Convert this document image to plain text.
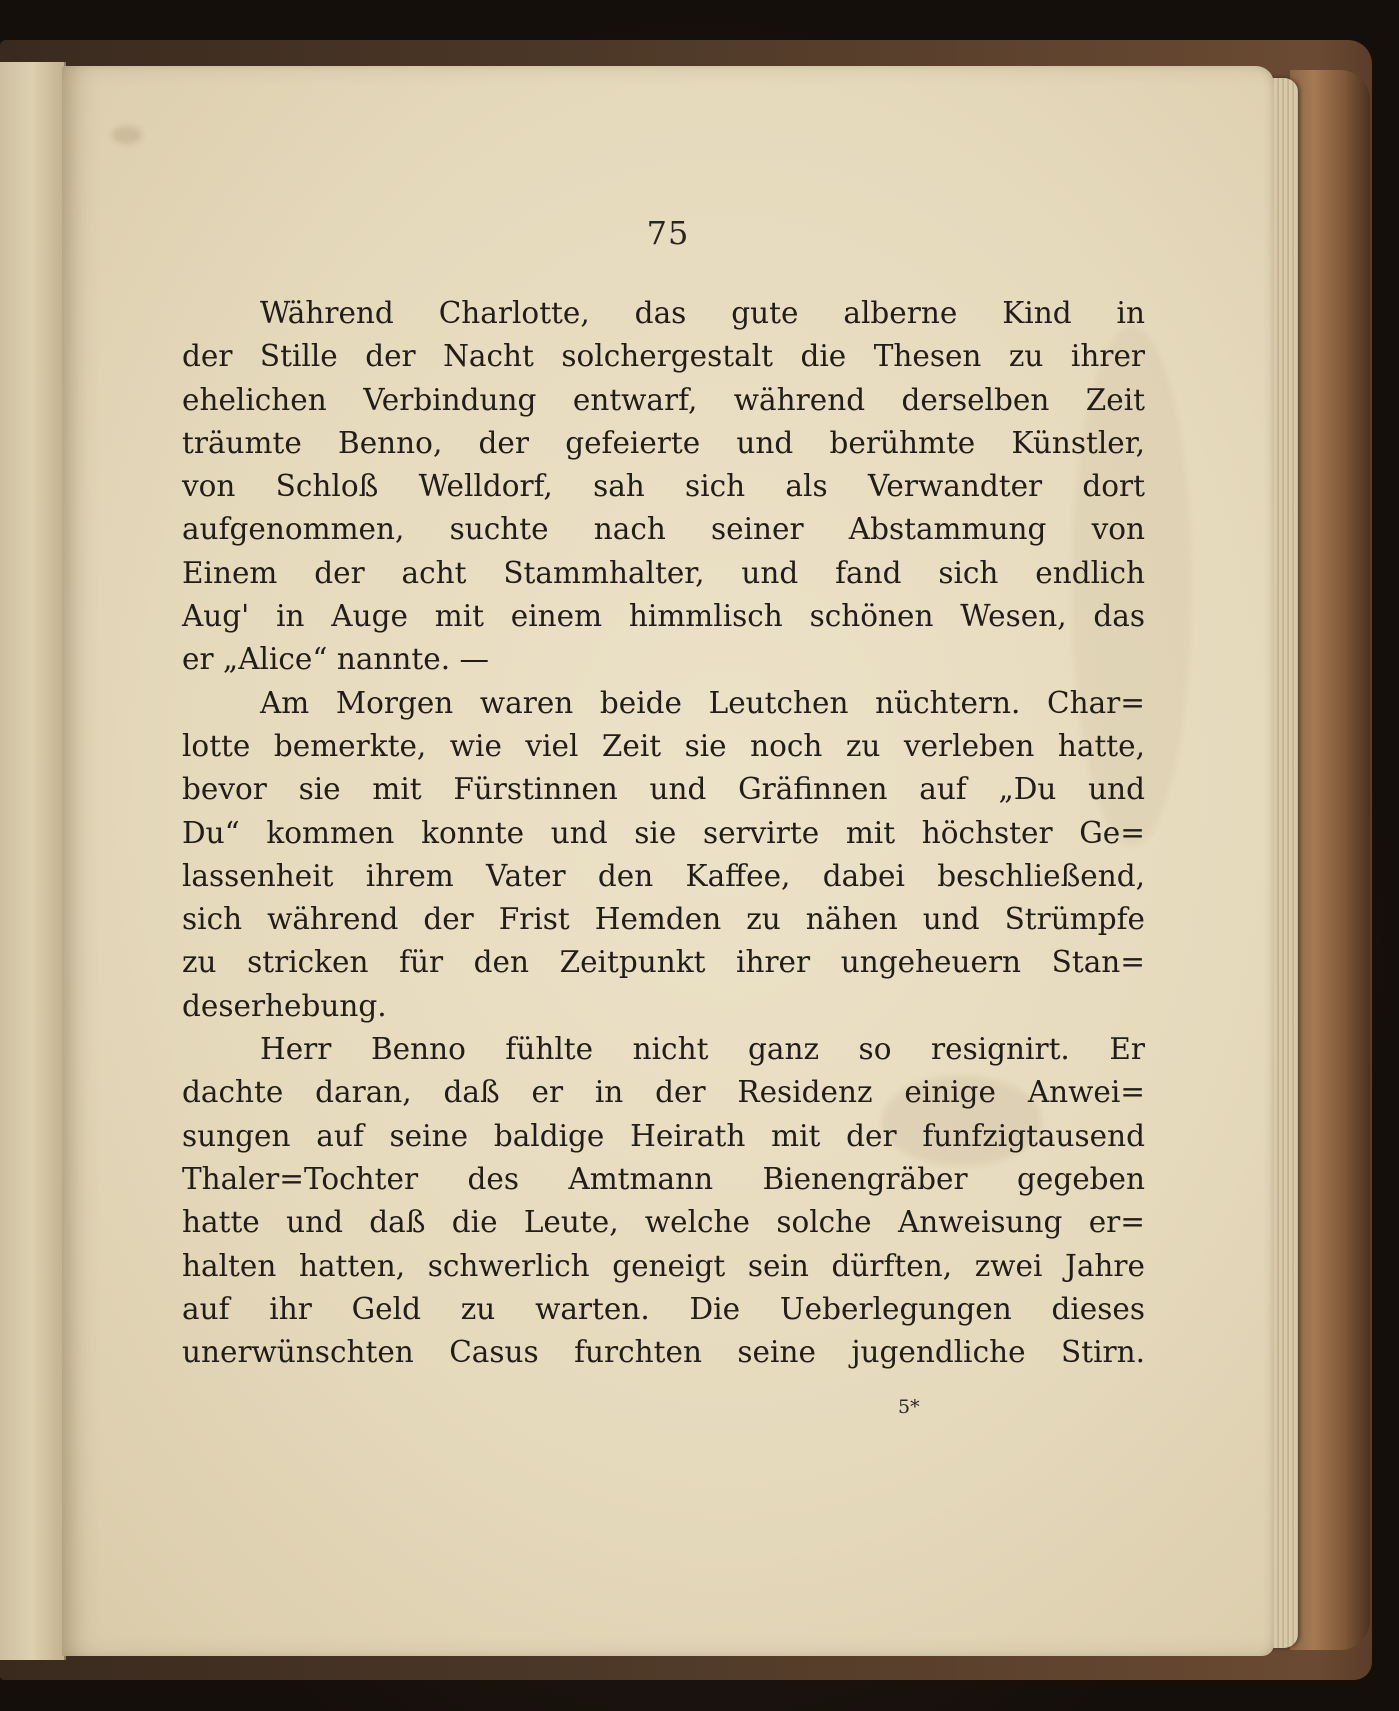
75
Während Charlotte, das gute alberne Kind in
der Stille der Nacht solchergestalt die Thesen zu ihrer
ehelichen Verbindung entwarf, während derselben Zeit
träumte Benno, der gefeierte und berühmte Künstler,
von Schloß Welldorf, sah sich als Verwandter dort
aufgenommen, suchte nach seiner Abstammung von
Einem der acht Stammhalter, und fand sich endlich
Aug' in Auge mit einem himmlisch schönen Wesen, das
er „Alice“ nannte. —
Am Morgen waren beide Leutchen nüchtern. Char=
lotte bemerkte, wie viel Zeit sie noch zu verleben hatte,
bevor sie mit Fürstinnen und Gräfinnen auf „Du und
Du“ kommen konnte und sie servirte mit höchster Ge=
lassenheit ihrem Vater den Kaffee, dabei beschließend,
sich während der Frist Hemden zu nähen und Strümpfe
zu stricken für den Zeitpunkt ihrer ungeheuern Stan=
deserhebung.
Herr Benno fühlte nicht ganz so resignirt. Er
dachte daran, daß er in der Residenz einige Anwei=
sungen auf seine baldige Heirath mit der funfzigtausend
Thaler=Tochter des Amtmann Bienengräber gegeben
hatte und daß die Leute, welche solche Anweisung er=
halten hatten, schwerlich geneigt sein dürften, zwei Jahre
auf ihr Geld zu warten. Die Ueberlegungen dieses
unerwünschten Casus furchten seine jugendliche Stirn.
5*
